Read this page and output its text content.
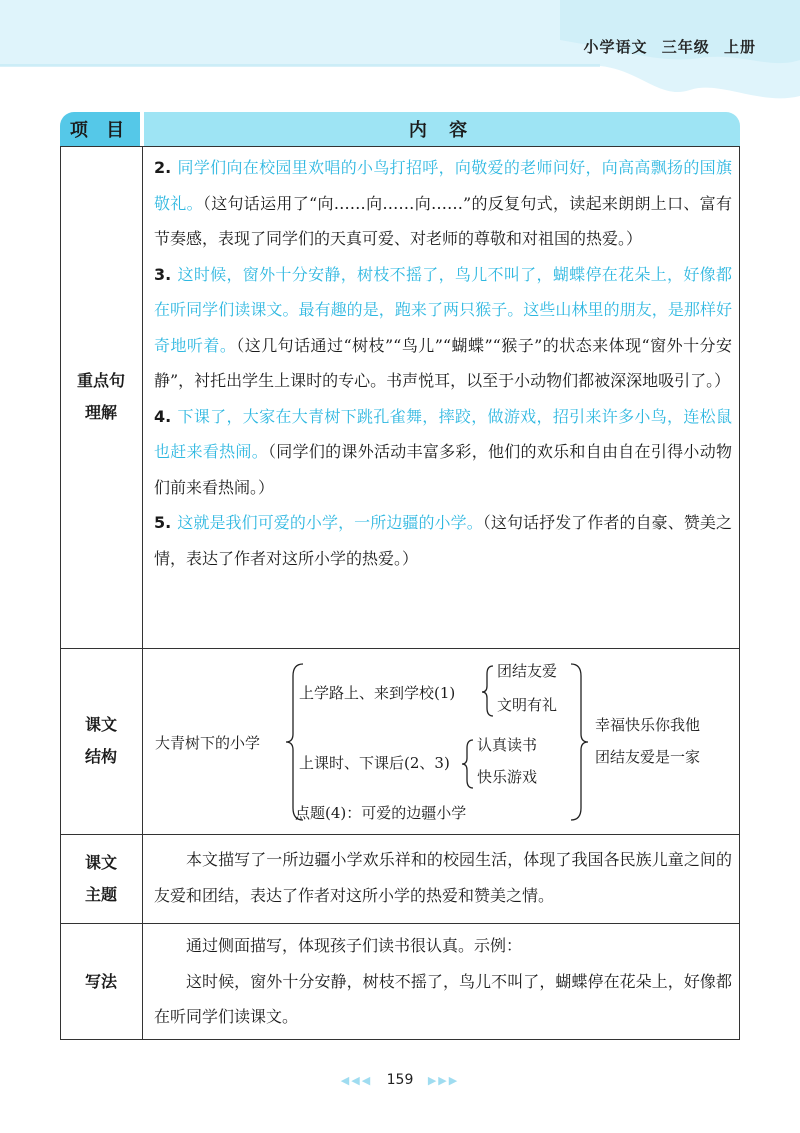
小学语文 三年级 上册
项 目	内 容
重点句
理解
2. 同学们向在校园里欢唱的小鸟打招呼，向敬爱的老师问好，向高高飘扬的国旗敬礼。（这句话运用了“向……向……向……”的反复句式，读起来朗朗上口、富有节奏感，表现了同学们的天真可爱、对老师的尊敬和对祖国的热爱。）
3. 这时候，窗外十分安静，树枝不摇了，鸟儿不叫了，蝴蝶停在花朵上，好像都在听同学们读课文。最有趣的是，跑来了两只猴子。这些山林里的朋友，是那样好奇地听着。（这几句话通过“树枝”“鸟儿”“蝴蝶”“猴子”的状态来体现“窗外十分安静”，衬托出学生上课时的专心。书声悦耳，以至于小动物们都被深深地吸引了。）
4. 下课了，大家在大青树下跳孔雀舞，摔跤，做游戏，招引来许多小鸟，连松鼠也赶来看热闹。（同学们的课外活动丰富多彩，他们的欢乐和自由自在引得小动物们前来看热闹。）
5. 这就是我们可爱的小学，一所边疆的小学。（这句话抒发了作者的自豪、赞美之情，表达了作者对这所小学的热爱。）
课文
结构
大青树下的小学
上学路上、来到学校(1)
团结友爱
文明有礼
上课时、下课后(2、3)
认真读书
快乐游戏
点题(4)：可爱的边疆小学
幸福快乐你我他
团结友爱是一家
课文
主题
本文描写了一所边疆小学欢乐祥和的校园生活，体现了我国各民族儿童之间的友爱和团结，表达了作者对这所小学的热爱和赞美之情。
写法
通过侧面描写，体现孩子们读书很认真。示例：
这时候，窗外十分安静，树枝不摇了，鸟儿不叫了，蝴蝶停在花朵上，好像都在听同学们读课文。
◀◀◀ 159 ▶▶▶
